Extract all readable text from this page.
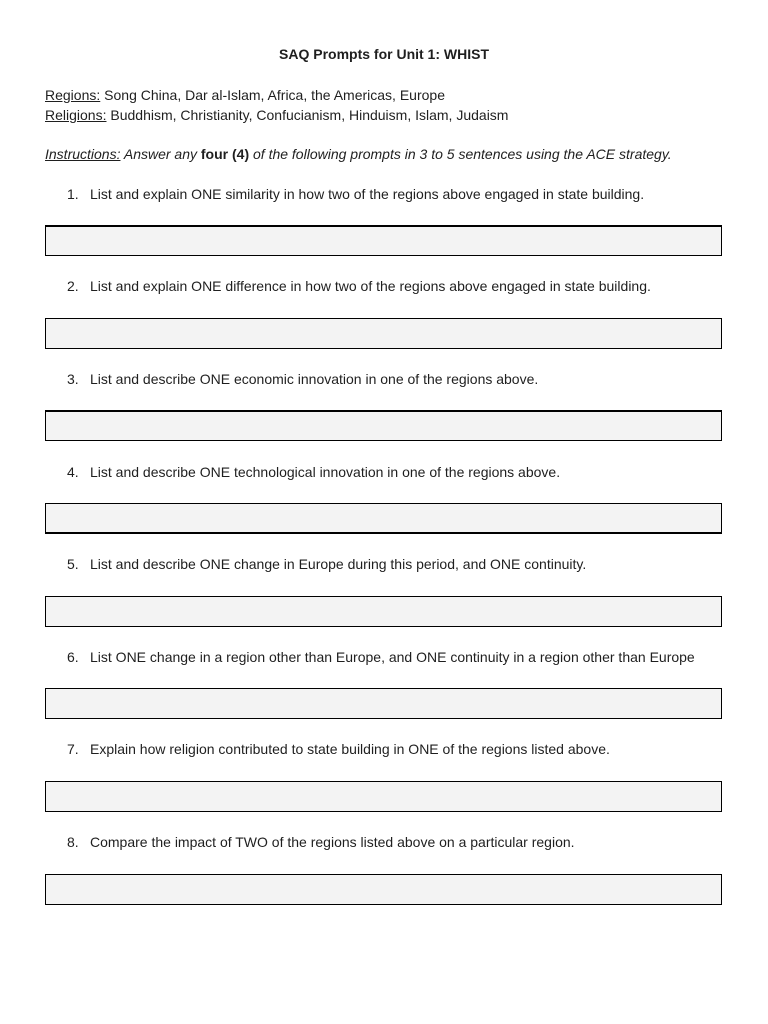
SAQ Prompts for Unit 1: WHIST
Regions: Song China, Dar al-Islam, Africa, the Americas, Europe
Religions: Buddhism, Christianity, Confucianism, Hinduism, Islam, Judaism
Instructions: Answer any four (4) of the following prompts in 3 to 5 sentences using the ACE strategy.
1. List and explain ONE similarity in how two of the regions above engaged in state building.
2. List and explain ONE difference in how two of the regions above engaged in state building.
3. List and describe ONE economic innovation in one of the regions above.
4. List and describe ONE technological innovation in one of the regions above.
5. List and describe ONE change in Europe during this period, and ONE continuity.
6. List ONE change in a region other than Europe, and ONE continuity in a region other than Europe
7. Explain how religion contributed to state building in ONE of the regions listed above.
8. Compare the impact of TWO of the regions listed above on a particular region.
